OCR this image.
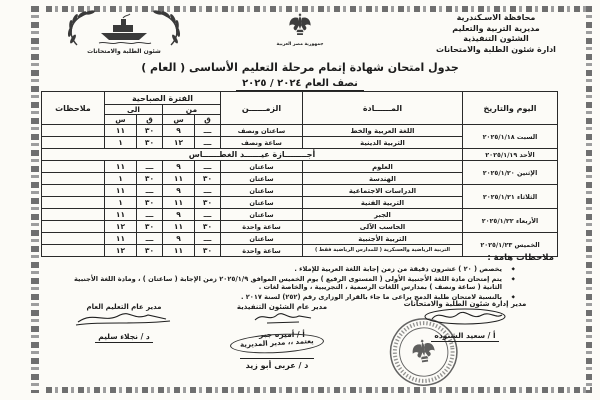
محافظة الاسـكندرية
مديرية التربية والتعليم
الشئون التنفيذية
ادارة شئون الطلبة والامتحانات
جمهورية مصر العربية
شئون الطلبة والامتحانات
جدول امتحان شهادة إتمام مرحلة التعليم الأساسى ( العام )
نصف العام ٢٠٢٤ / ٢٠٢٥
اليوم والتاريخ	المــــــادة	الزمــــــن	الفترة الصباحية				ملاحظات
			من		الى		
			ق	س	ق	س	
السبت ٢٠٢٥/١/١٨	اللغة العربية والخط	ساعتان ونصف	ـــ	٩	٣٠	١١	
	التربية الدينية	ساعة ونصف	ـــ	١٢	٣٠	١	
الأحد ٢٠٢٥/١/١٩	أجــــــــازة عيــــــد الغطــــــاس						
الإثنين ٢٠٢٥/١/٢٠	العلوم	ساعتان	ـــ	٩	ـــ	١١	
	الهندسة	ساعتان	٣٠	١١	٣٠	١	
الثلاثاء ٢٠٢٥/١/٢١	الدراسات الاجتماعية	ساعتان	ـــ	٩	ـــ	١١	
	التربية الفنية	ساعتان	٣٠	١١	٣٠	١	
الأربعاء ٢٠٢٥/١/٢٢	الجبر	ساعتان	ـــ	٩	ـــ	١١	
	الحاسب الآلى	ساعة واحدة	٣٠	١١	٣٠	١٢	
الخميس ٢٠٢٥/١/٢٣	التربية الأجنبية	ساعتان	ـــ	٩	ـــ	١١	
	التربية الرياضية والعسكرية ( للمدارس الرياضية فقط )	ساعة واحدة	٣٠	١١	٣٠	١٢	
ملاحظات هامة :
◆
يخصص ( ٢٠ ) عشرون دقيقة من زمن إجابة اللغة العربية للإملاء .
◆
يتم إمتحان مادة اللغة الأجنبية الأولى ( المستوى الرفيع ) يوم الخميس الموافق ٢٠٢٥/١/٩ زمن الإجابة ( ساعتان ) ، ومادة اللغة الأجنبية الثانية ( ساعة ونصف ) بمدارس اللغات الرسمية ، التجريبية ، والخاصة لغات .
◆
بالنسبة لامتحان طلبة الدمج يراعى ما جاء بالقرار الوزارى رقم (٢٥٢) لسنة ٢٠١٧ .
مدير إدارة شئون الطلبة والامتحانات
أ / سعيد الشنوده
مدير عام الشئون التنفيذية
أ / أميره جبر
مدير عام التعليم العام
د / نجلاء سليم
يعتمد ،، مدير المديرية
د / عربى أبو زيد
